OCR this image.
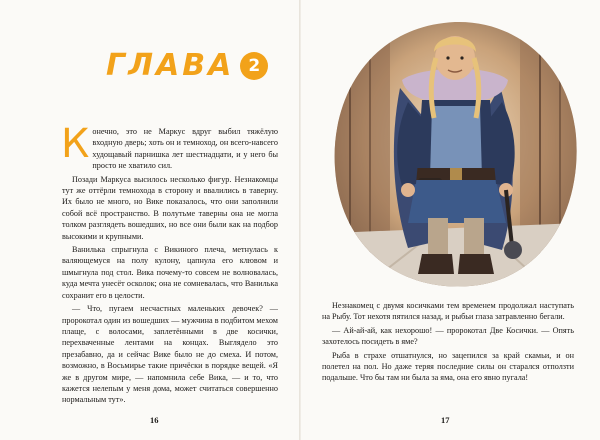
ГЛАВА 2

Конечно, это не Маркус вдруг выбил тяжёлую входную дверь; хоть он и темноход, он всего-навсего худощавый парнишка лет шестнадцати, и у него бы просто не хватило сил.

Позади Маркуса высилось несколько фигур. Незнакомцы тут же оттёрли темнохода в сторону и ввалились в таверну. Их было не много, но Вике показалось, что они заполнили собой всё пространство. В полутьме таверны она не могла толком разглядеть вошедших, но все они были как на подбор высокими и крупными.

Ванилька спрыгнула с Викиного плеча, метнулась к валяющемуся на полу кулону, цапнула его клювом и шмыгнула под стол. Вика почему-то совсем не волновалась, куда мечта унесёт осколок; она не сомневалась, что Ванилька сохранит его в целости.

— Что, пугаем несчастных маленьких девочек? — пророкотал один из вошедших — мужчина в подбитом мехом плаще, с волосами, заплетёнными в две косички, перехваченные лентами на концах. Выглядело это презабавно, да и сейчас Вике было не до смеха. И потом, возможно, в Восьмирье такие причёски в порядке вещей. «Я же в другом мире, — напомнила себе Вика, — и то, что кажется нелепым у меня дома, может считаться совершенно нормальным тут».

16

Незнакомец с двумя косичками тем временем продолжал наступать на Рыбу. Тот нехотя пятился назад, и рыбьи глаза затравленно бегали.

— Ай-ай-ай, как нехорошо! — пророкотал Две Косички. — Опять захотелось посидеть в яме?

Рыба в страхе отшатнулся, но зацепился за край скамьи, и он полетел на пол. Но даже теряя последние силы он старался отползти подальше. Что бы там ни была за яма, она его явно пугала!

17
